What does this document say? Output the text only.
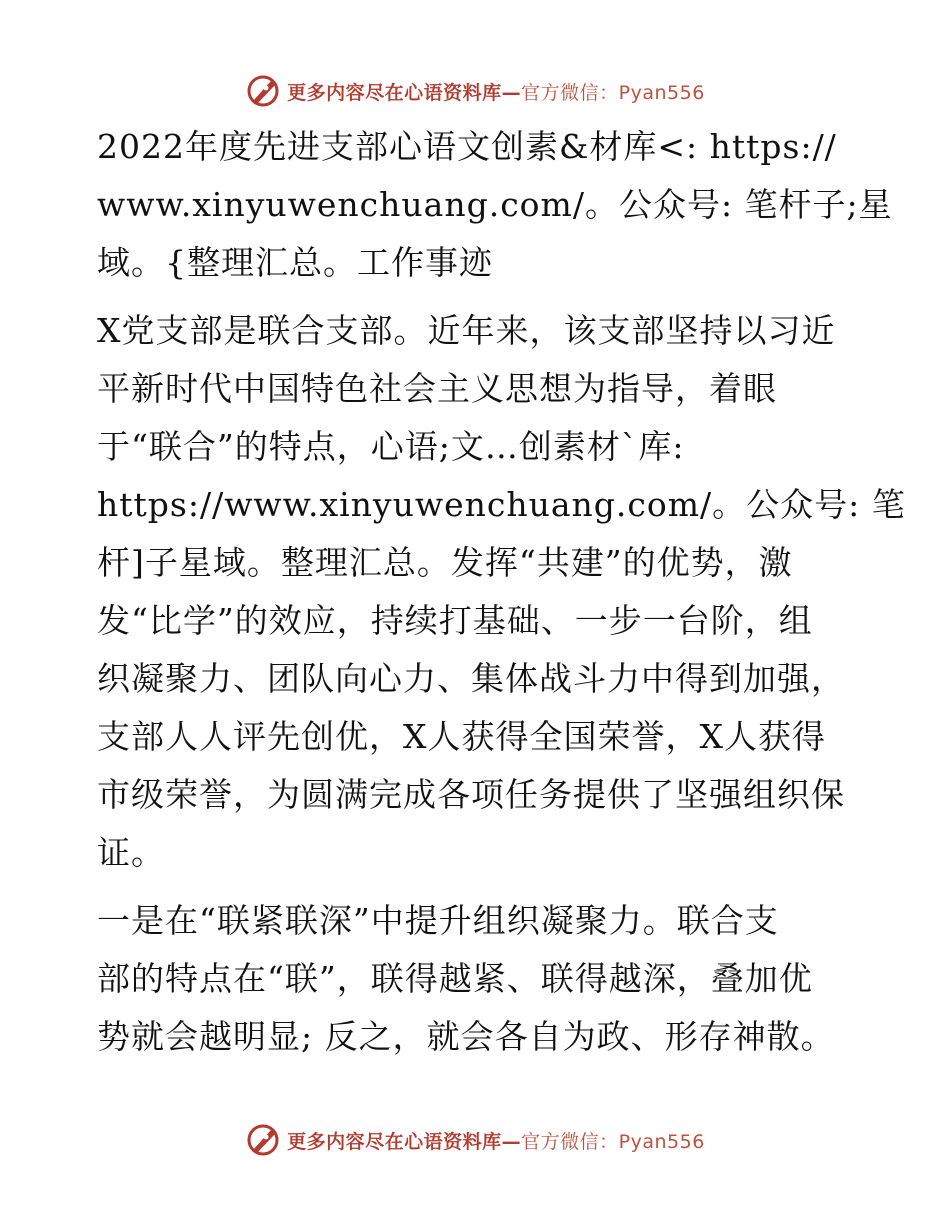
更多内容尽在心语资料库—官方微信：Pyan556

2022年度先进支部心语文创素&材库<: https://
www.xinyuwenchuang.com/。公众号: 笔杆子;星
域。{整理汇总。工作事迹

X党支部是联合支部。近年来，该支部坚持以习近
平新时代中国特色社会主义思想为指导，着眼
于“联合”的特点，心语;文…创素材`库:
https://www.xinyuwenchuang.com/。公众号: 笔
杆]子星域。整理汇总。发挥“共建”的优势，激
发“比学”的效应，持续打基础、一步一台阶，组
织凝聚力、团队向心力、集体战斗力中得到加强，
支部人人评先创优，X人获得全国荣誉，X人获得
市级荣誉，为圆满完成各项任务提供了坚强组织保
证。

一是在“联紧联深”中提升组织凝聚力。联合支
部的特点在“联”，联得越紧、联得越深，叠加优
势就会越明显; 反之，就会各自为政、形存神散。

更多内容尽在心语资料库—官方微信：Pyan556
